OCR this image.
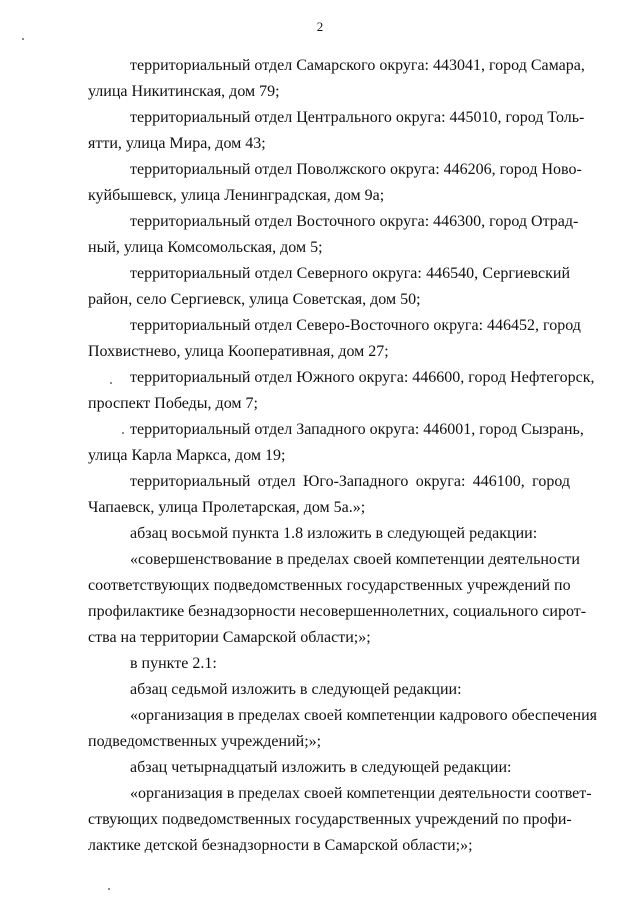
2
территориальный отдел Самарского округа: 443041, город Самара,
улица Никитинская, дом 79;
территориальный отдел Центрального округа: 445010, город Толь-
ятти, улица Мира, дом 43;
территориальный отдел Поволжского округа: 446206, город Ново-
куйбышевск, улица Ленинградская, дом 9а;
территориальный отдел Восточного округа: 446300, город Отрад-
ный, улица Комсомольская, дом 5;
территориальный отдел Северного округа: 446540, Сергиевский
район, село Сергиевск, улица Советская, дом 50;
территориальный отдел Северо-Восточного округа: 446452, город
Похвистнево, улица Кооперативная, дом 27;
территориальный отдел Южного округа: 446600, город Нефтегорск,
проспект Победы, дом 7;
территориальный отдел Западного округа: 446001, город Сызрань,
улица Карла Маркса, дом 19;
территориальный отдел Юго-Западного округа: 446100, город
Чапаевск, улица Пролетарская, дом 5а.»;
абзац восьмой пункта 1.8 изложить в следующей редакции:
«совершенствование в пределах своей компетенции деятельности
соответствующих подведомственных государственных учреждений по
профилактике безнадзорности несовершеннолетних, социального сирот-
ства на территории Самарской области;»;
в пункте 2.1:
абзац седьмой изложить в следующей редакции:
«организация в пределах своей компетенции кадрового обеспечения
подведомственных учреждений;»;
абзац четырнадцатый изложить в следующей редакции:
«организация в пределах своей компетенции деятельности соответ-
ствующих подведомственных государственных учреждений по профи-
лактике детской безнадзорности в Самарской области;»;
